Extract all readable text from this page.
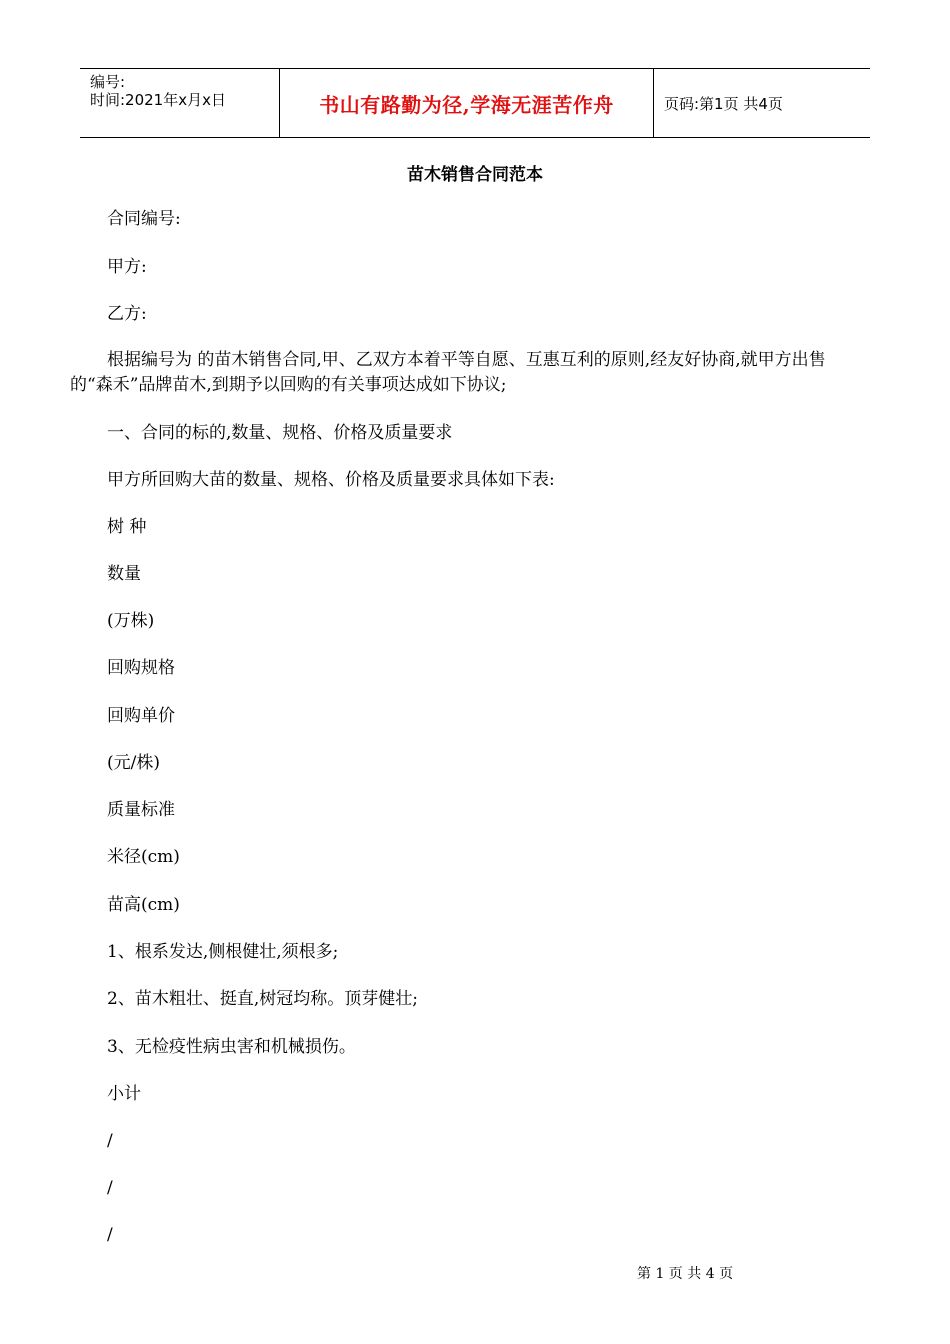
编号:
时间:2021年x月x日	书山有路勤为径,学海无涯苦作舟	页码:第1页 共4页
苗木销售合同范本
合同编号:
甲方:
乙方:
根据编号为 的苗木销售合同,甲、乙双方本着平等自愿、互惠互利的原则,经友好协商,就甲方出售的“森禾”品牌苗木,到期予以回购的有关事项达成如下协议;
一、合同的标的,数量、规格、价格及质量要求
甲方所回购大苗的数量、规格、价格及质量要求具体如下表:
树 种
数量
(万株)
回购规格
回购单价
(元/株)
质量标准
米径(cm)
苗高(cm)
1、根系发达,侧根健壮,须根多;
2、苗木粗壮、挺直,树冠均称。顶芽健壮;
3、无检疫性病虫害和机械损伤。
小计
/
/
/
第 1 页 共 4 页
